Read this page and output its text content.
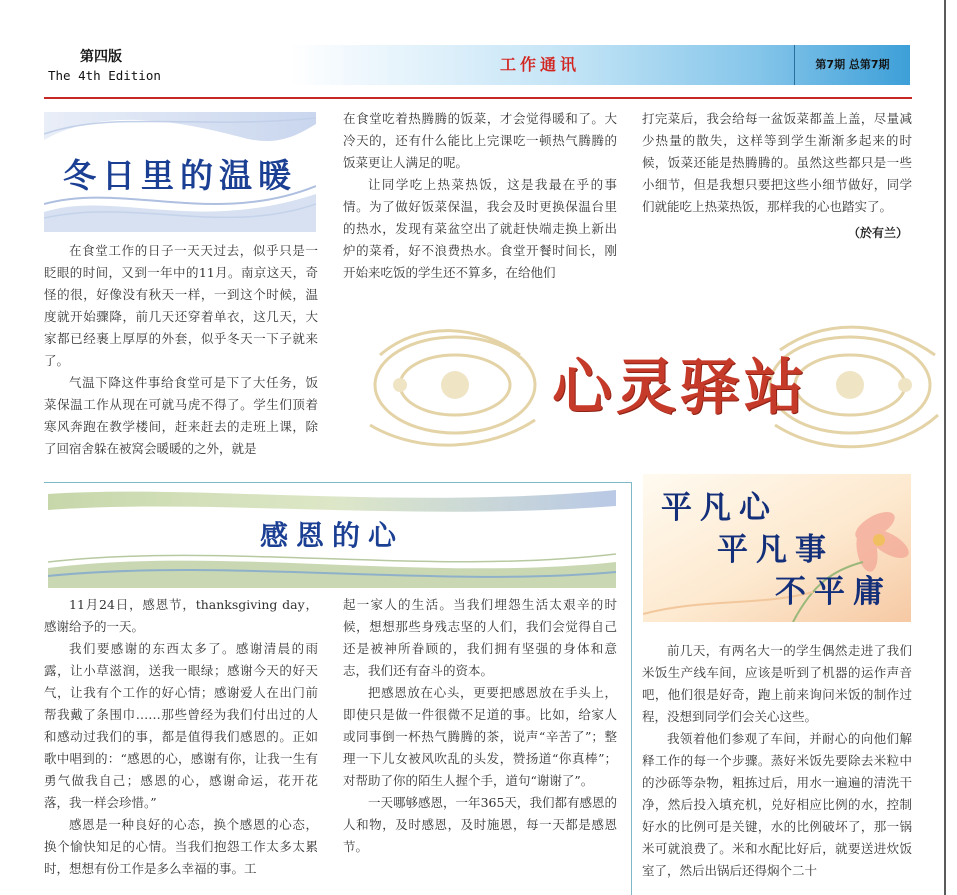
第四版
The 4th Edition
工作通讯	第7期 总第7期
冬日里的温暖

在食堂工作的日子一天天过去，似乎只是一眨眼的时间，又到一年中的11月。南京这天，奇怪的很，好像没有秋天一样，一到这个时候，温度就开始骤降，前几天还穿着单衣，这几天，大家都已经裹上厚厚的外套，似乎冬天一下子就来了。

气温下降这件事给食堂可是下了大任务，饭菜保温工作从现在可就马虎不得了。学生们顶着寒风奔跑在教学楼间，赶来赶去的走班上课，除了回宿舍躲在被窝会暖暖的之外，就是

在食堂吃着热腾腾的饭菜，才会觉得暖和了。大冷天的，还有什么能比上完课吃一顿热气腾腾的饭菜更让人满足的呢。

让同学吃上热菜热饭，这是我最在乎的事情。为了做好饭菜保温，我会及时更换保温台里的热水，发现有菜盆空出了就赶快端走换上新出炉的菜肴，好不浪费热水。食堂开餐时间长，刚开始来吃饭的学生还不算多，在给他们

打完菜后，我会给每一盆饭菜都盖上盖，尽量减少热量的散失，这样等到学生渐渐多起来的时候，饭菜还能是热腾腾的。虽然这些都只是一些小细节，但是我想只要把这些小细节做好，同学们就能吃上热菜热饭，那样我的心也踏实了。

（於有兰）
心灵驿站
感恩的心

11月24日，感恩节，thanksgiving day，感谢给予的一天。

我们要感谢的东西太多了。感谢清晨的雨露，让小草滋润，送我一眼绿；感谢今天的好天气，让我有个工作的好心情；感谢爱人在出门前帮我戴了条围巾……那些曾经为我们付出过的人和感动过我们的事，都是值得我们感恩的。正如歌中唱到的：“感恩的心，感谢有你，让我一生有勇气做我自己；感恩的心，感谢命运，花开花落，我一样会珍惜。”

感恩是一种良好的心态，换个感恩的心态，换个愉快知足的心情。当我们抱怨工作太多太累时，想想有份工作是多么幸福的事。工

起一家人的生活。当我们埋怨生活太艰辛的时候，想想那些身残志坚的人们，我们会觉得自己还是被神所眷顾的，我们拥有坚强的身体和意志，我们还有奋斗的资本。

把感恩放在心头，更要把感恩放在手头上，即使只是做一件很微不足道的事。比如，给家人或同事倒一杯热气腾腾的茶，说声“辛苦了”；整理一下儿女被风吹乱的头发，赞扬道“你真棒”；对帮助了你的陌生人握个手，道句“谢谢了”。

一天哪够感恩，一年365天，我们都有感恩的人和物，及时感恩，及时施恩，每一天都是感恩节。

平凡心
平凡事
不平庸

前几天，有两名大一的学生偶然走进了我们米饭生产线车间，应该是听到了机器的运作声音吧，他们很是好奇，跑上前来询问米饭的制作过程，没想到同学们会关心这些。

我领着他们参观了车间，并耐心的向他们解释工作的每一个步骤。蒸好米饭先要除去米粒中的沙砾等杂物，粗拣过后，用水一遍遍的清洗干净，然后投入填充机，兑好相应比例的水，控制好水的比例可是关键，水的比例破坏了，那一锅米可就浪费了。米和水配比好后，就要送进炊饭室了，然后出锅后还得焖个二十
